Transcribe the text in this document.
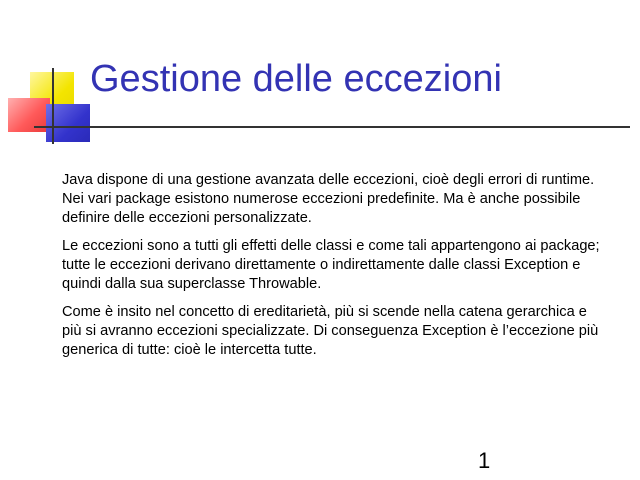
Gestione delle eccezioni

Java dispone di una gestione avanzata delle eccezioni, cioè degli errori di runtime. Nei vari package esistono numerose eccezioni predefinite. Ma è anche possibile definire delle eccezioni personalizzate.

Le eccezioni sono a tutti gli effetti delle classi e come tali appartengono ai package; tutte le eccezioni derivano direttamente o indirettamente dalle classi Exception e quindi dalla sua superclasse Throwable.

Come è insito nel concetto di ereditarietà, più si scende nella catena gerarchica e più si avranno eccezioni specializzate. Di conseguenza Exception è l’eccezione più generica di tutte: cioè le intercetta tutte.

1
